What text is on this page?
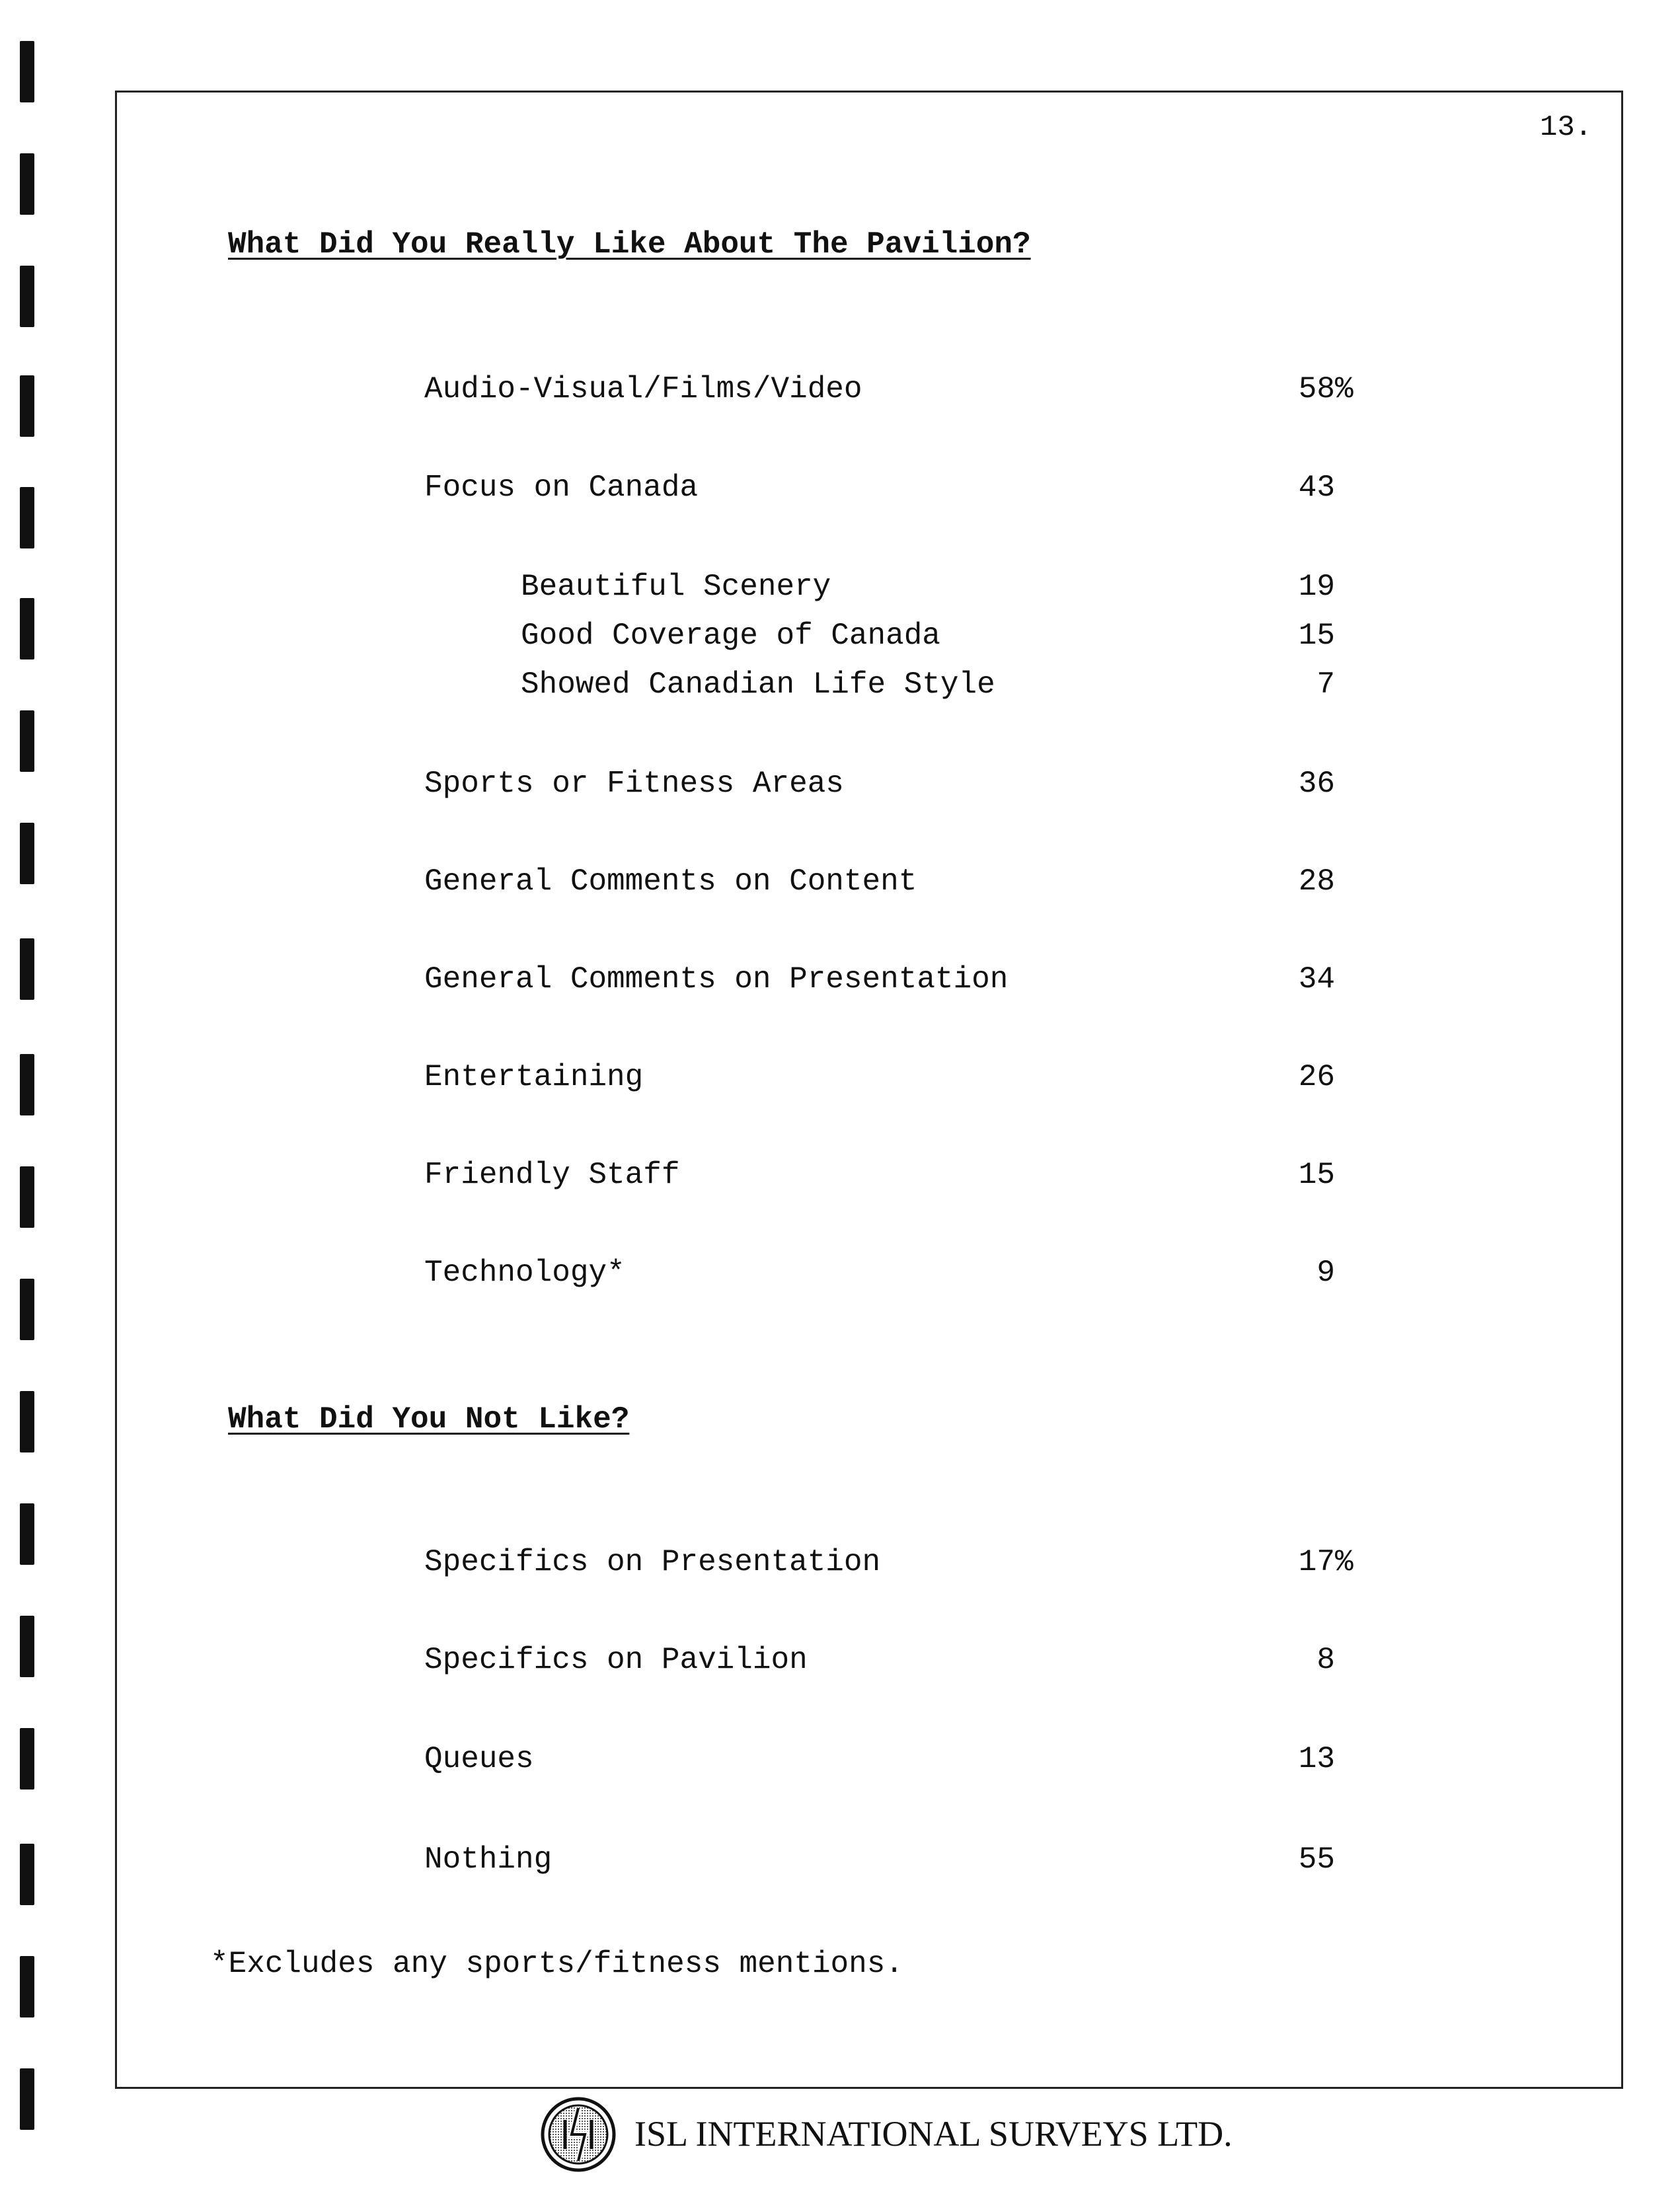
13.
What Did You Really Like About The Pavilion?
Audio-Visual/Films/Video	58 %
Focus on Canada	43
Beautiful Scenery	19
Good Coverage of Canada	15
Showed Canadian Life Style	7
Sports or Fitness Areas	36
General Comments on Content	28
General Comments on Presentation	34
Entertaining	26
Friendly Staff	15
Technology*	9
What Did You Not Like?
Specifics on Presentation	17 %
Specifics on Pavilion	8
Queues	13
Nothing	55
*Excludes any sports/fitness mentions.
ISL INTERNATIONAL SURVEYS LTD.
